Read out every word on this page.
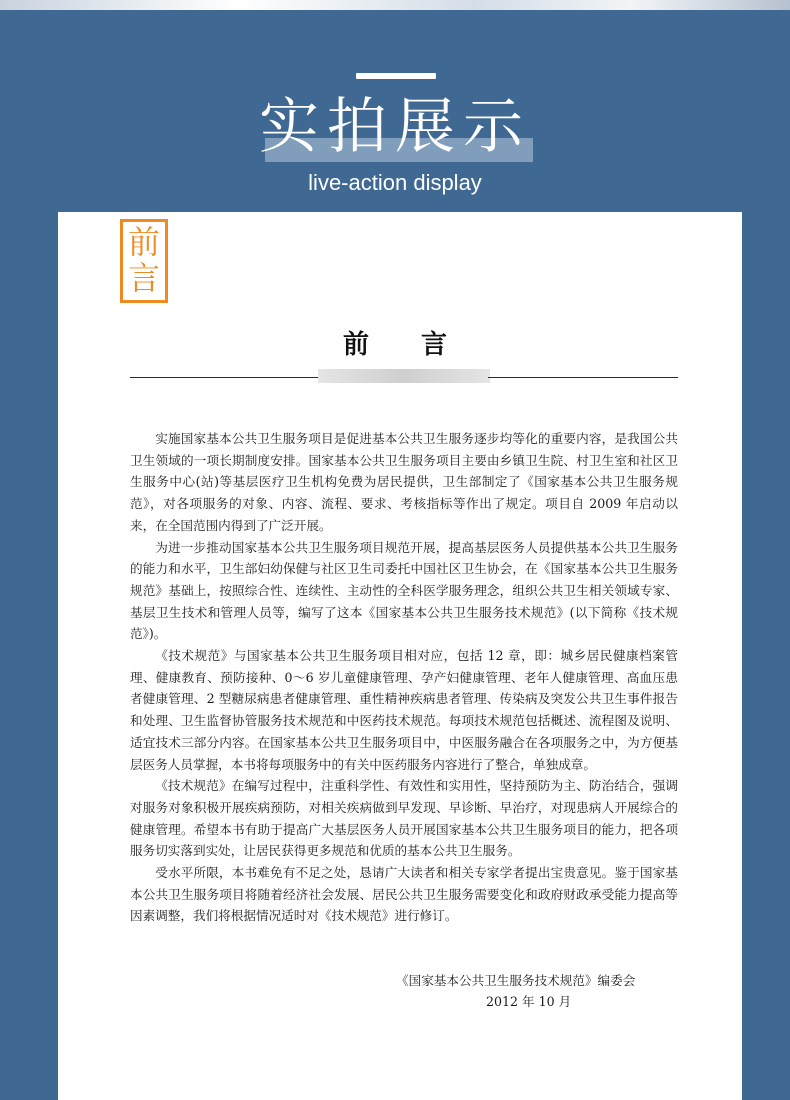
实拍展示
live-action display
前言
前　　言

实施国家基本公共卫生服务项目是促进基本公共卫生服务逐步均等化的重要内容，是我国公共卫生领域的一项长期制度安排。国家基本公共卫生服务项目主要由乡镇卫生院、村卫生室和社区卫生服务中心(站)等基层医疗卫生机构免费为居民提供，卫生部制定了《国家基本公共卫生服务规范》，对各项服务的对象、内容、流程、要求、考核指标等作出了规定。项目自 2009 年启动以来，在全国范围内得到了广泛开展。

为进一步推动国家基本公共卫生服务项目规范开展，提高基层医务人员提供基本公共卫生服务的能力和水平，卫生部妇幼保健与社区卫生司委托中国社区卫生协会，在《国家基本公共卫生服务规范》基础上，按照综合性、连续性、主动性的全科医学服务理念，组织公共卫生相关领域专家、基层卫生技术和管理人员等，编写了这本《国家基本公共卫生服务技术规范》(以下简称《技术规范》)。

《技术规范》与国家基本公共卫生服务项目相对应，包括 12 章，即：城乡居民健康档案管理、健康教育、预防接种、0～6 岁儿童健康管理、孕产妇健康管理、老年人健康管理、高血压患者健康管理、2 型糖尿病患者健康管理、重性精神疾病患者管理、传染病及突发公共卫生事件报告和处理、卫生监督协管服务技术规范和中医药技术规范。每项技术规范包括概述、流程图及说明、适宜技术三部分内容。在国家基本公共卫生服务项目中，中医服务融合在各项服务之中，为方便基层医务人员掌握，本书将每项服务中的有关中医药服务内容进行了整合，单独成章。

《技术规范》在编写过程中，注重科学性、有效性和实用性，坚持预防为主、防治结合，强调对服务对象积极开展疾病预防，对相关疾病做到早发现、早诊断、早治疗，对现患病人开展综合的健康管理。希望本书有助于提高广大基层医务人员开展国家基本公共卫生服务项目的能力，把各项服务切实落到实处，让居民获得更多规范和优质的基本公共卫生服务。

受水平所限，本书难免有不足之处，恳请广大读者和相关专家学者提出宝贵意见。鉴于国家基本公共卫生服务项目将随着经济社会发展、居民公共卫生服务需要变化和政府财政承受能力提高等因素调整，我们将根据情况适时对《技术规范》进行修订。

《国家基本公共卫生服务技术规范》编委会
2012 年 10 月
